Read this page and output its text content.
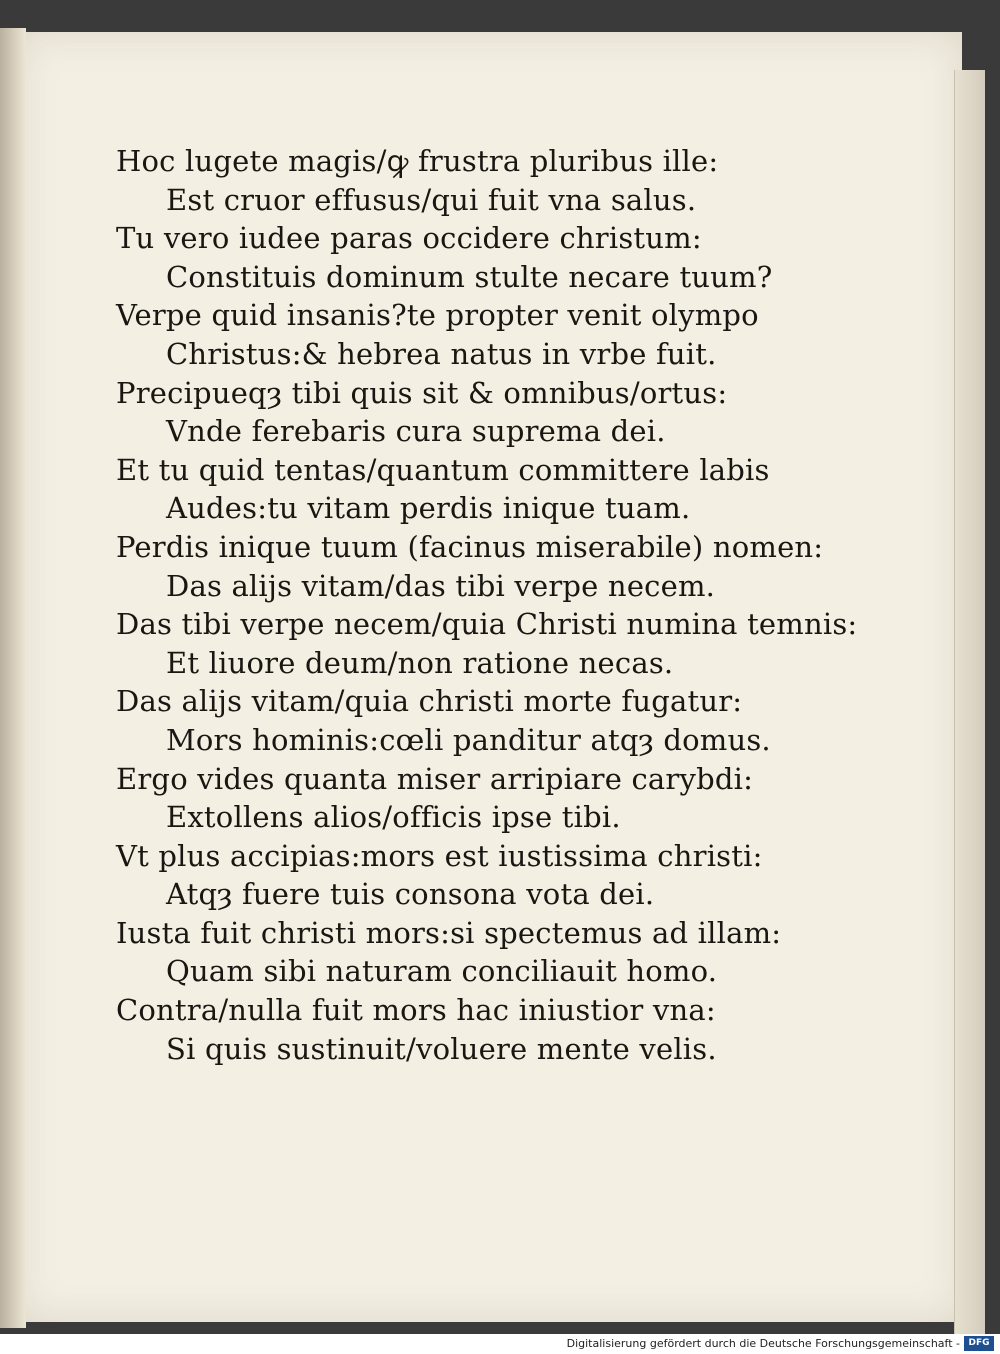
Hoc lugete magis/ꝙ frustra pluribus ille:
Est cruor effusus/qui fuit vna salus.
Tu vero iudee paras occidere christum:
Constituis dominum stulte necare tuum?
Verpe quid insanis?te propter venit olympo
Christus:& hebrea natus in vrbe fuit.
Precipueqȝ tibi quis sit & omnibus/ortus:
Vnde ferebaris cura suprema dei.
Et tu quid tentas/quantum committere labis
Audes:tu vitam perdis inique tuam.
Perdis inique tuum (facinus miserabile) nomen:
Das alijs vitam/das tibi verpe necem.
Das tibi verpe necem/quia Christi numina temnis:
Et liuore deum/non ratione necas.
Das alijs vitam/quia christi morte fugatur:
Mors hominis:cœli panditur atqȝ domus.
Ergo vides quanta miser arripiare carybdi:
Extollens alios/officis ipse tibi.
Vt plus accipias:mors est iustissima christi:
Atqȝ fuere tuis consona vota dei.
Iusta fuit christi mors:si spectemus ad illam:
Quam sibi naturam conciliauit homo.
Contra/nulla fuit mors hac iniustior vna:
Si quis sustinuit/voluere mente velis.
Digitalisierung gefördert durch die Deutsche Forschungsgemeinschaft - DFG
